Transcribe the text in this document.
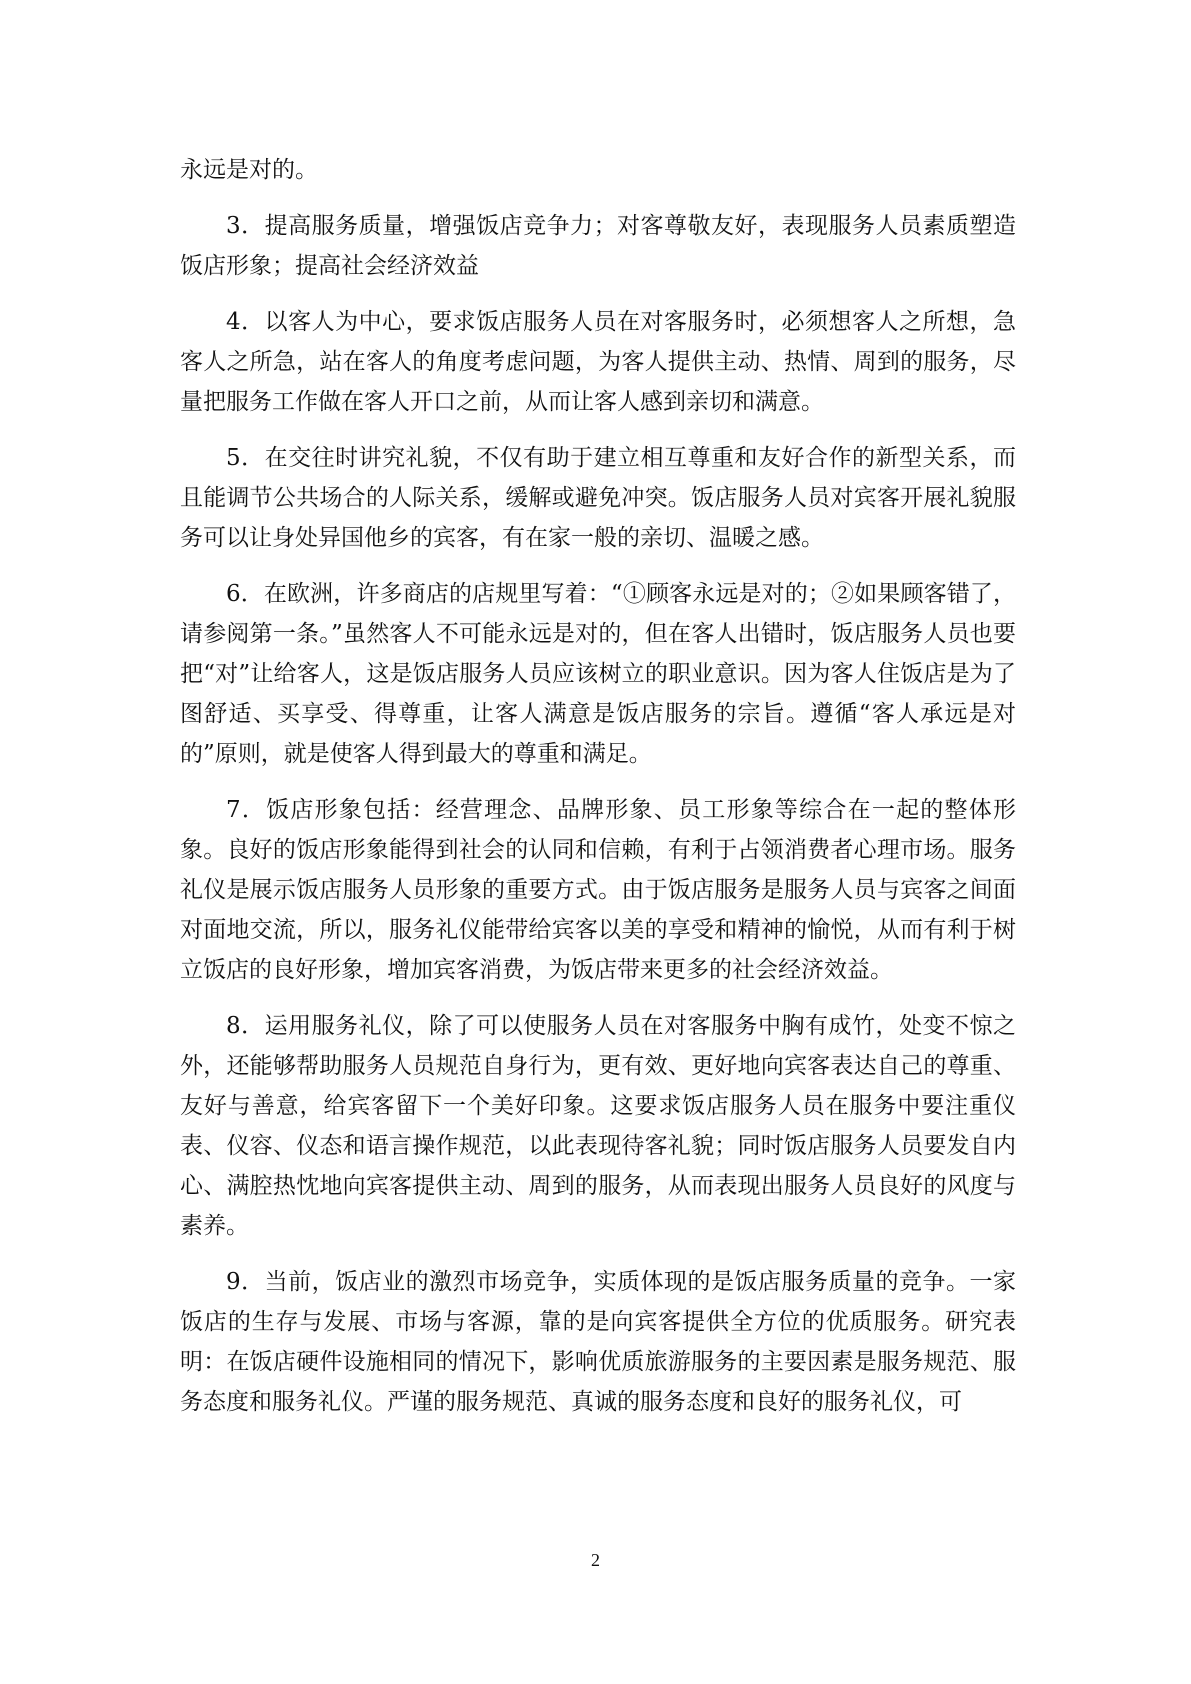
永远是对的。

3．提高服务质量，增强饭店竞争力；对客尊敬友好，表现服务人员素质塑造饭店形象；提高社会经济效益

4．以客人为中心，要求饭店服务人员在对客服务时，必须想客人之所想，急客人之所急，站在客人的角度考虑问题，为客人提供主动、热情、周到的服务，尽量把服务工作做在客人开口之前，从而让客人感到亲切和满意。

5．在交往时讲究礼貌，不仅有助于建立相互尊重和友好合作的新型关系，而且能调节公共场合的人际关系，缓解或避免冲突。饭店服务人员对宾客开展礼貌服务可以让身处异国他乡的宾客，有在家一般的亲切、温暖之感。

6．在欧洲，许多商店的店规里写着：“①顾客永远是对的；②如果顾客错了，请参阅第一条。”虽然客人不可能永远是对的，但在客人出错时，饭店服务人员也要把“对”让给客人，这是饭店服务人员应该树立的职业意识。因为客人住饭店是为了图舒适、买享受、得尊重，让客人满意是饭店服务的宗旨。遵循“客人承远是对的”原则，就是使客人得到最大的尊重和满足。

7．饭店形象包括：经营理念、品牌形象、员工形象等综合在一起的整体形象。良好的饭店形象能得到社会的认同和信赖，有利于占领消费者心理市场。服务礼仪是展示饭店服务人员形象的重要方式。由于饭店服务是服务人员与宾客之间面对面地交流，所以，服务礼仪能带给宾客以美的享受和精神的愉悦，从而有利于树立饭店的良好形象，增加宾客消费，为饭店带来更多的社会经济效益。

8．运用服务礼仪，除了可以使服务人员在对客服务中胸有成竹，处变不惊之外，还能够帮助服务人员规范自身行为，更有效、更好地向宾客表达自己的尊重、友好与善意，给宾客留下一个美好印象。这要求饭店服务人员在服务中要注重仪表、仪容、仪态和语言操作规范，以此表现待客礼貌；同时饭店服务人员要发自内心、满腔热忱地向宾客提供主动、周到的服务，从而表现出服务人员良好的风度与素养。

9．当前，饭店业的激烈市场竞争，实质体现的是饭店服务质量的竞争。一家饭店的生存与发展、市场与客源，靠的是向宾客提供全方位的优质服务。研究表明：在饭店硬件设施相同的情况下，影响优质旅游服务的主要因素是服务规范、服务态度和服务礼仪。严谨的服务规范、真诚的服务态度和良好的服务礼仪，可

2
